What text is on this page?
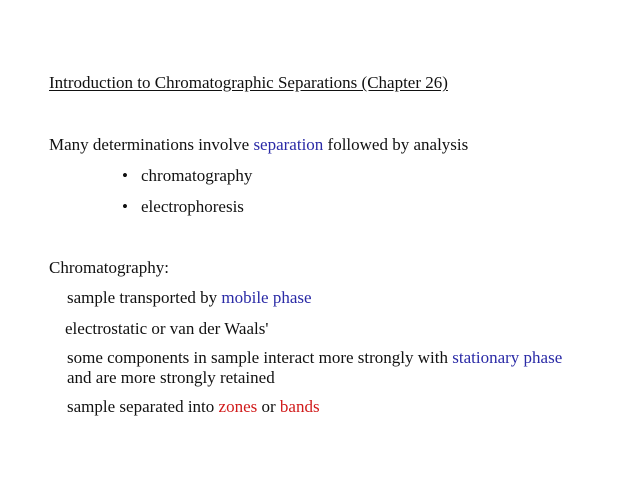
Introduction to Chromatographic Separations (Chapter 26)
Many determinations involve separation followed by analysis
• chromatography
• electrophoresis
Chromatography:
sample transported by mobile phase
electrostatic or van der Waals'
some components in sample interact more strongly with stationary phase and are more strongly retained
sample separated into zones or bands
